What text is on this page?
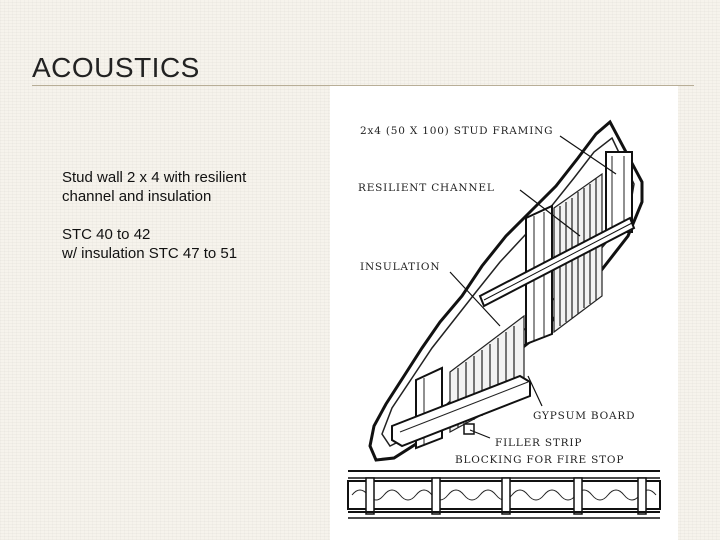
ACOUSTICS

Stud wall 2 x 4 with resilient
channel and insulation

STC 40 to 42
w/ insulation STC 47 to 51

2x4 (50 X 100) STUD FRAMING
RESILIENT CHANNEL
INSULATION
GYPSUM BOARD
FILLER STRIP
BLOCKING FOR FIRE STOP
